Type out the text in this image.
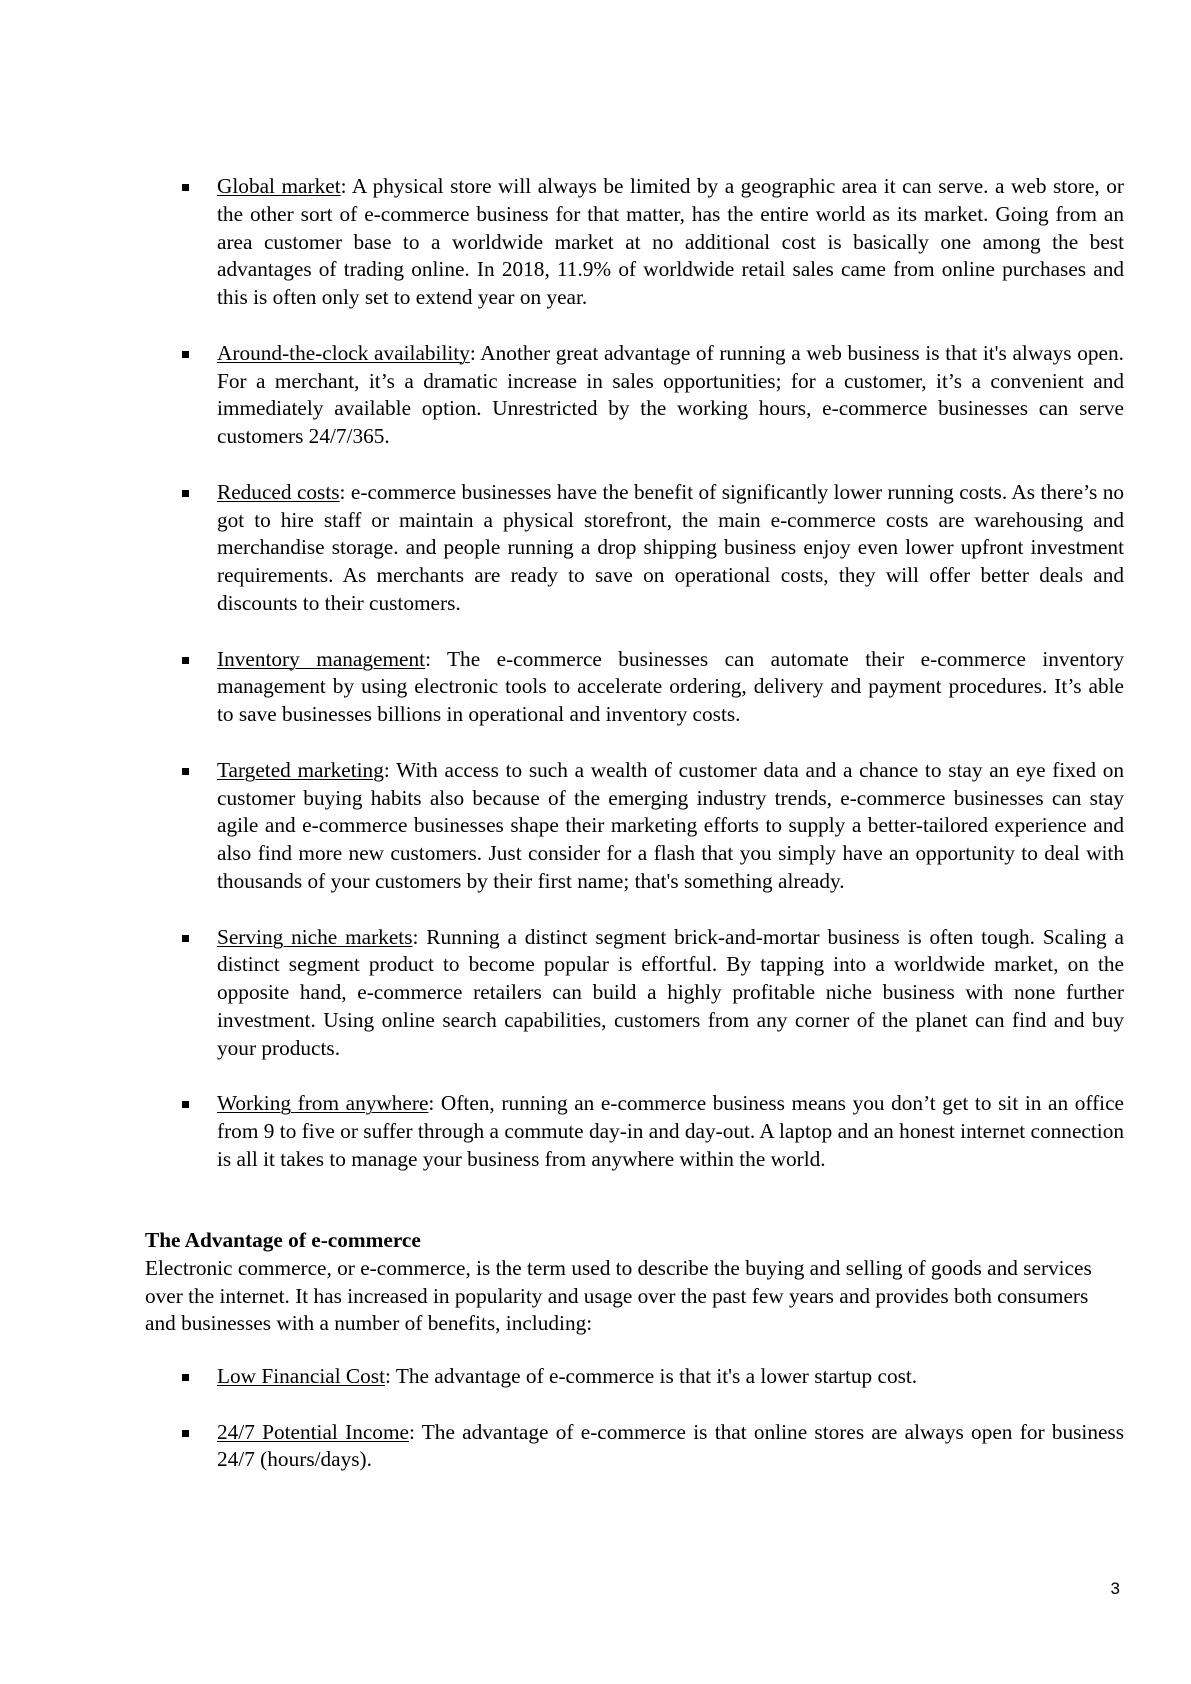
Global market: A physical store will always be limited by a geographic area it can serve. a web store, or the other sort of e-commerce business for that matter, has the entire world as its market. Going from an area customer base to a worldwide market at no additional cost is basically one among the best advantages of trading online. In 2018, 11.9% of worldwide retail sales came from online purchases and this is often only set to extend year on year.
Around-the-clock availability: Another great advantage of running a web business is that it's always open. For a merchant, it’s a dramatic increase in sales opportunities; for a customer, it’s a convenient and immediately available option. Unrestricted by the working hours, e-commerce businesses can serve customers 24/7/365.
Reduced costs: e-commerce businesses have the benefit of significantly lower running costs. As there’s no got to hire staff or maintain a physical storefront, the main e-commerce costs are warehousing and merchandise storage. and people running a drop shipping business enjoy even lower upfront investment requirements. As merchants are ready to save on operational costs, they will offer better deals and discounts to their customers.
Inventory management: The e-commerce businesses can automate their e-commerce inventory management by using electronic tools to accelerate ordering, delivery and payment procedures. It’s able to save businesses billions in operational and inventory costs.
Targeted marketing: With access to such a wealth of customer data and a chance to stay an eye fixed on customer buying habits also because of the emerging industry trends, e-commerce businesses can stay agile and e-commerce businesses shape their marketing efforts to supply a better-tailored experience and also find more new customers. Just consider for a flash that you simply have an opportunity to deal with thousands of your customers by their first name; that's something already.
Serving niche markets: Running a distinct segment brick-and-mortar business is often tough. Scaling a distinct segment product to become popular is effortful. By tapping into a worldwide market, on the opposite hand, e-commerce retailers can build a highly profitable niche business with none further investment. Using online search capabilities, customers from any corner of the planet can find and buy your products.
Working from anywhere: Often, running an e-commerce business means you don’t get to sit in an office from 9 to five or suffer through a commute day-in and day-out. A laptop and an honest internet connection is all it takes to manage your business from anywhere within the world.

The Advantage of e-commerce

Electronic commerce, or e-commerce, is the term used to describe the buying and selling of goods and services over the internet. It has increased in popularity and usage over the past few years and provides both consumers and businesses with a number of benefits, including:

Low Financial Cost: The advantage of e-commerce is that it's a lower startup cost.
24/7 Potential Income: The advantage of e-commerce is that online stores are always open for business 24/7 (hours/days).
3
